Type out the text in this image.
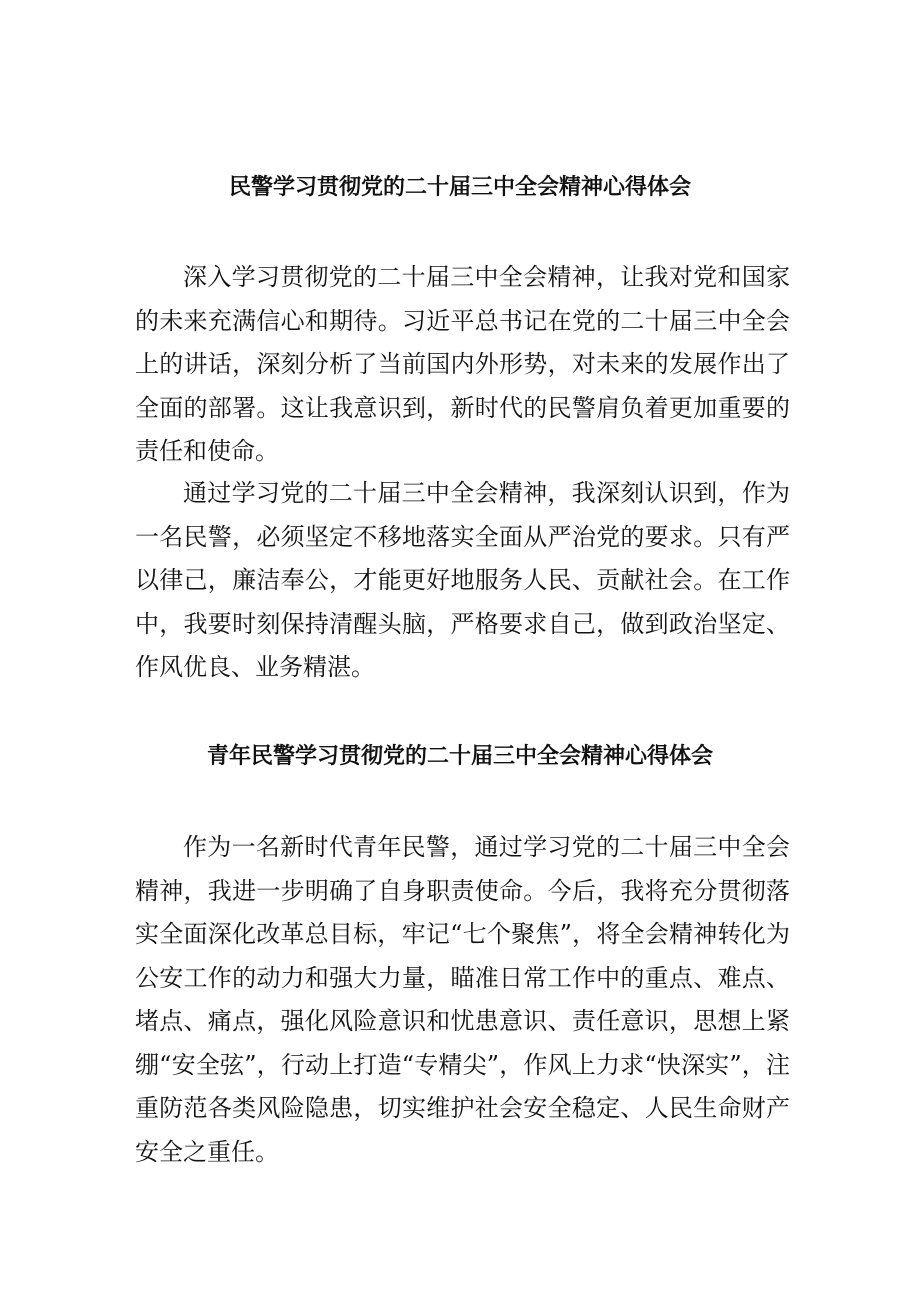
民警学习贯彻党的二十届三中全会精神心得体会

深入学习贯彻党的二十届三中全会精神，让我对党和国家的未来充满信心和期待。习近平总书记在党的二十届三中全会上的讲话，深刻分析了当前国内外形势，对未来的发展作出了全面的部署。这让我意识到，新时代的民警肩负着更加重要的责任和使命。

通过学习党的二十届三中全会精神，我深刻认识到，作为一名民警，必须坚定不移地落实全面从严治党的要求。只有严以律己，廉洁奉公，才能更好地服务人民、贡献社会。在工作中，我要时刻保持清醒头脑，严格要求自己，做到政治坚定、作风优良、业务精湛。

青年民警学习贯彻党的二十届三中全会精神心得体会

作为一名新时代青年民警，通过学习党的二十届三中全会精神，我进一步明确了自身职责使命。今后，我将充分贯彻落实全面深化改革总目标，牢记“七个聚焦”，将全会精神转化为公安工作的动力和强大力量，瞄准日常工作中的重点、难点、堵点、痛点，强化风险意识和忧患意识、责任意识，思想上紧绷“安全弦”，行动上打造“专精尖”，作风上力求“快深实”，注重防范各类风险隐患，切实维护社会安全稳定、人民生命财产安全之重任。
